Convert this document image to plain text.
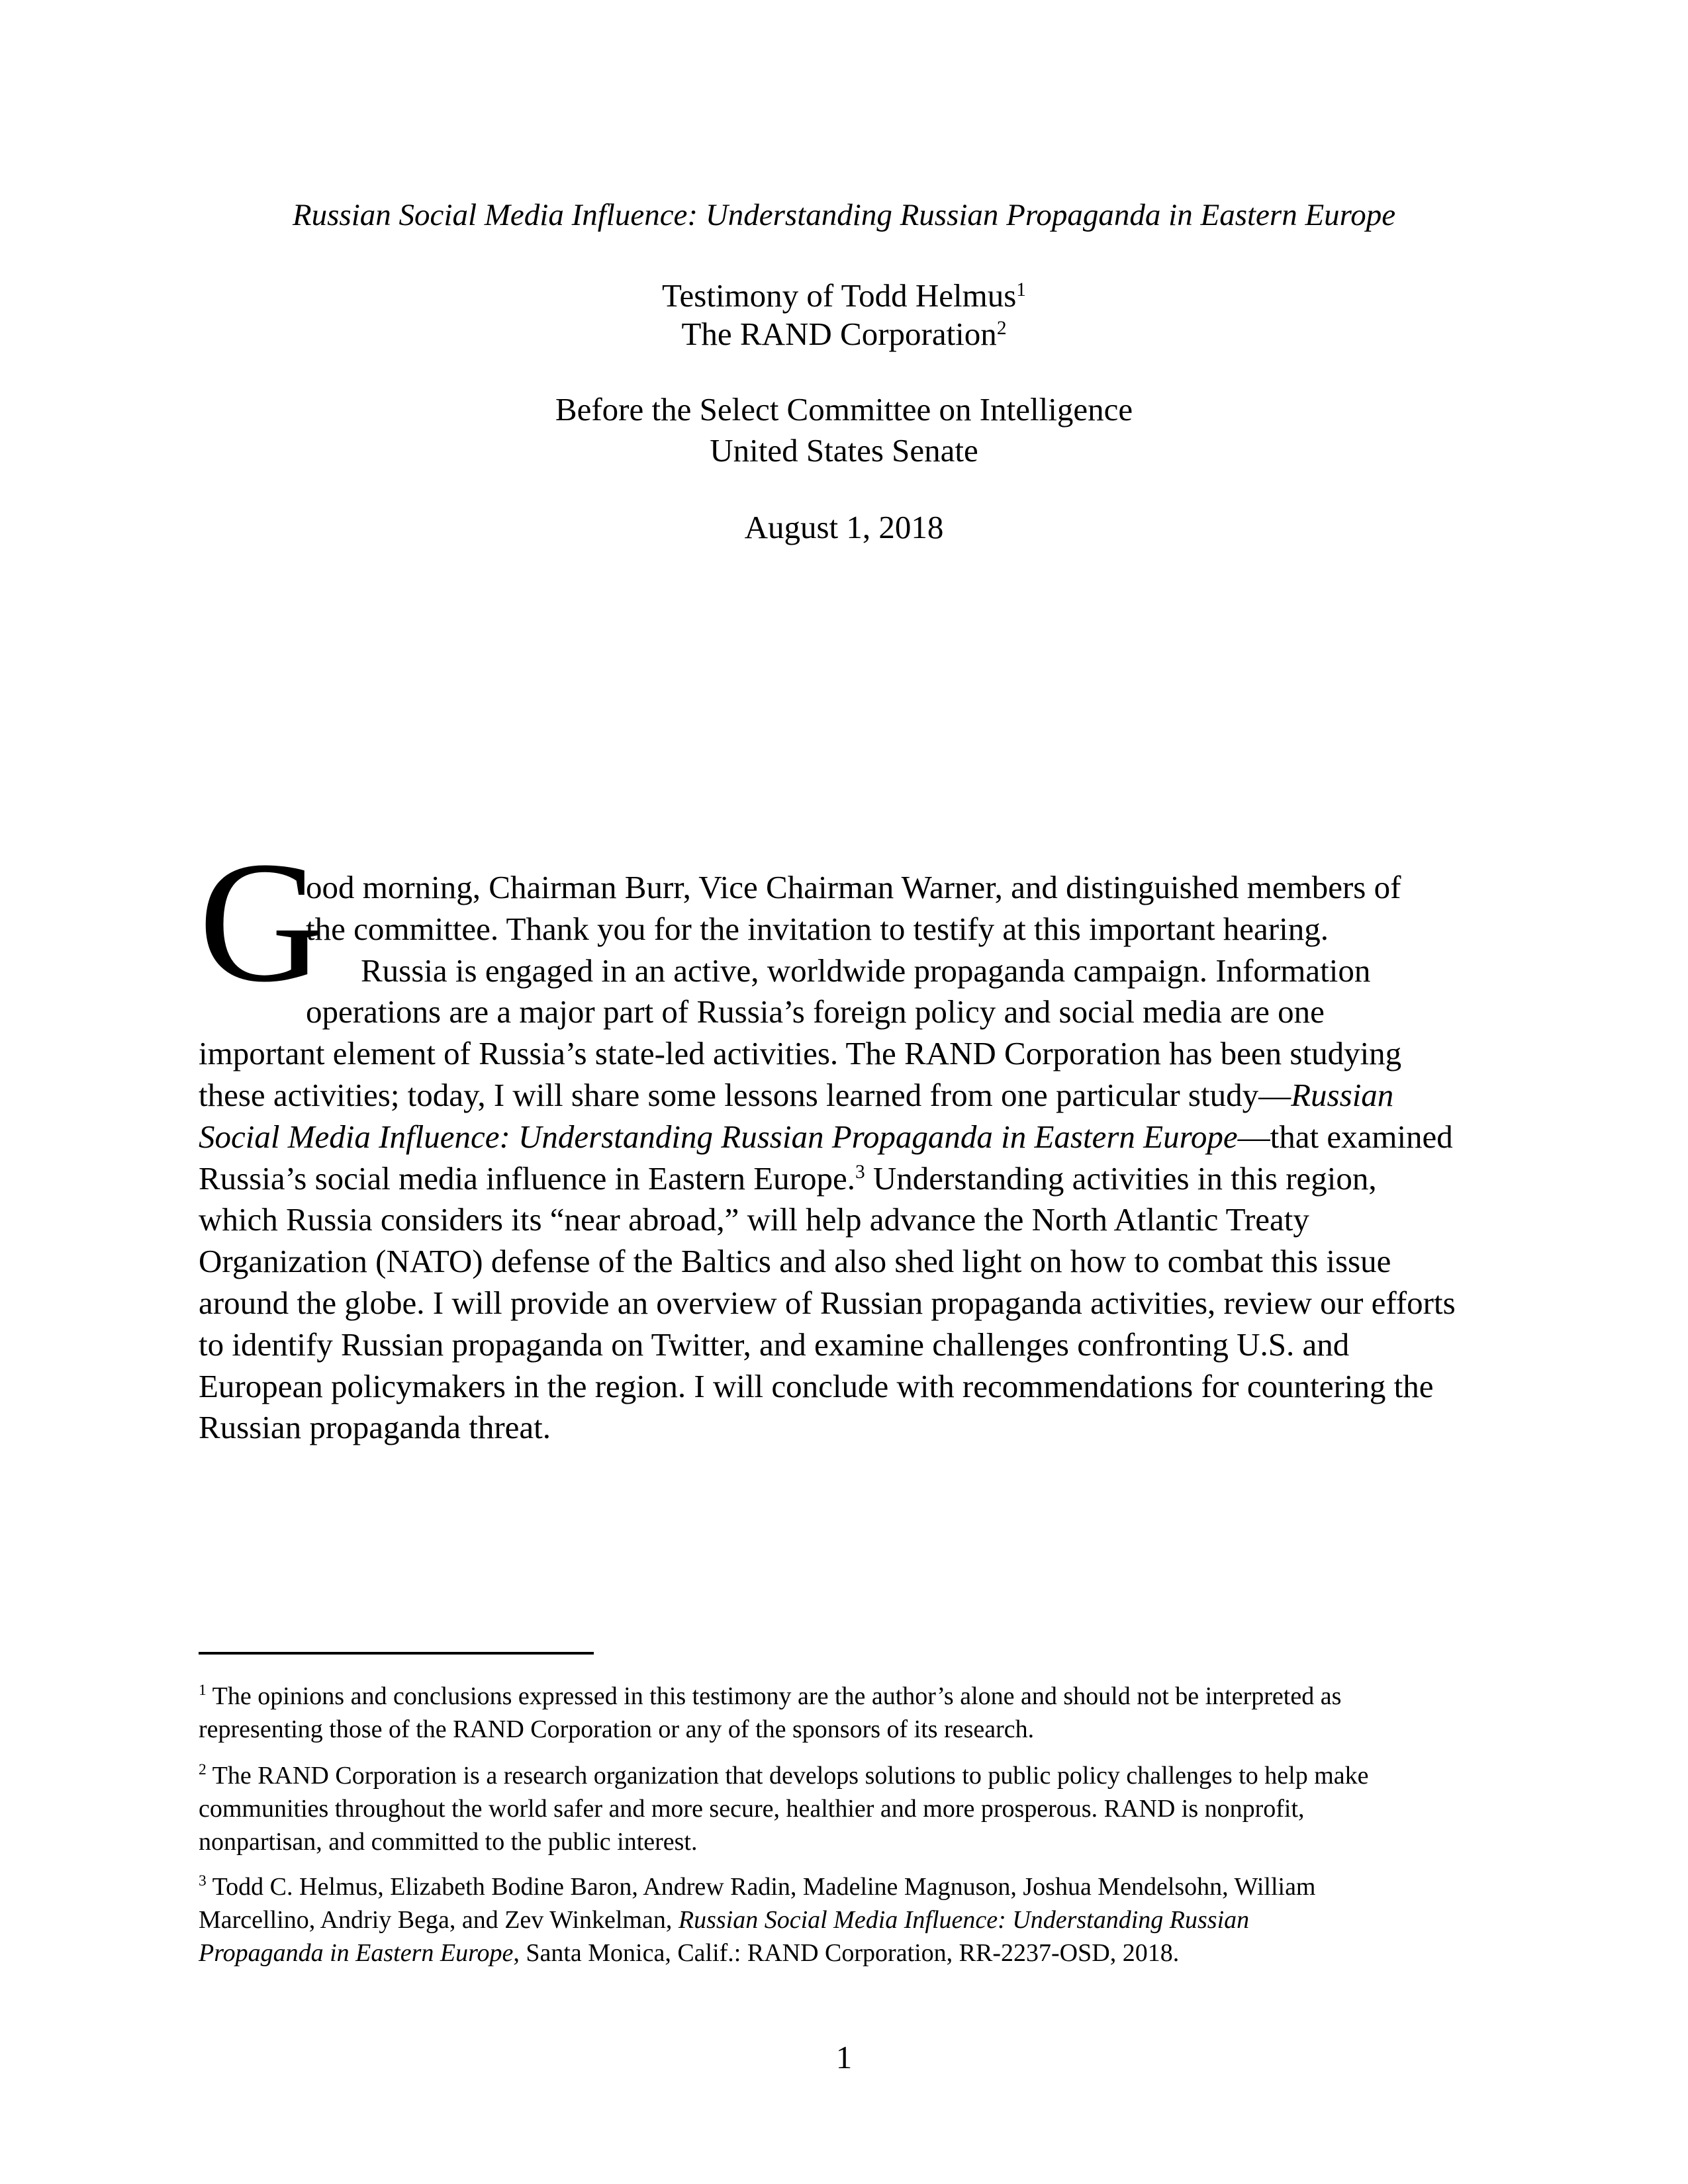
Russian Social Media Influence: Understanding Russian Propaganda in Eastern Europe
Testimony of Todd Helmus$^1$
The RAND Corporation$^2$
Before the Select Committee on Intelligence
United States Senate
August 1, 2018
G
ood morning, Chairman Burr, Vice Chairman Warner, and distinguished members of
the committee. Thank you for the invitation to testify at this important hearing.
Russia is engaged in an active, worldwide propaganda campaign. Information
operations are a major part of Russia’s foreign policy and social media are one
important element of Russia’s state-led activities. The RAND Corporation has been studying
these activities; today, I will share some lessons learned from one particular study—Russian
Social Media Influence: Understanding Russian Propaganda in Eastern Europe—that examined
Russia’s social media influence in Eastern Europe.$^3$ Understanding activities in this region,
which Russia considers its “near abroad,” will help advance the North Atlantic Treaty
Organization (NATO) defense of the Baltics and also shed light on how to combat this issue
around the globe. I will provide an overview of Russian propaganda activities, review our efforts
to identify Russian propaganda on Twitter, and examine challenges confronting U.S. and
European policymakers in the region. I will conclude with recommendations for countering the
Russian propaganda threat.
$^1$ The opinions and conclusions expressed in this testimony are the author’s alone and should not be interpreted as
representing those of the RAND Corporation or any of the sponsors of its research.
$^2$ The RAND Corporation is a research organization that develops solutions to public policy challenges to help make
communities throughout the world safer and more secure, healthier and more prosperous. RAND is nonprofit,
nonpartisan, and committed to the public interest.
$^3$ Todd C. Helmus, Elizabeth Bodine Baron, Andrew Radin, Madeline Magnuson, Joshua Mendelsohn, William
Marcellino, Andriy Bega, and Zev Winkelman, Russian Social Media Influence: Understanding Russian
Propaganda in Eastern Europe, Santa Monica, Calif.: RAND Corporation, RR-2237-OSD, 2018.
1
